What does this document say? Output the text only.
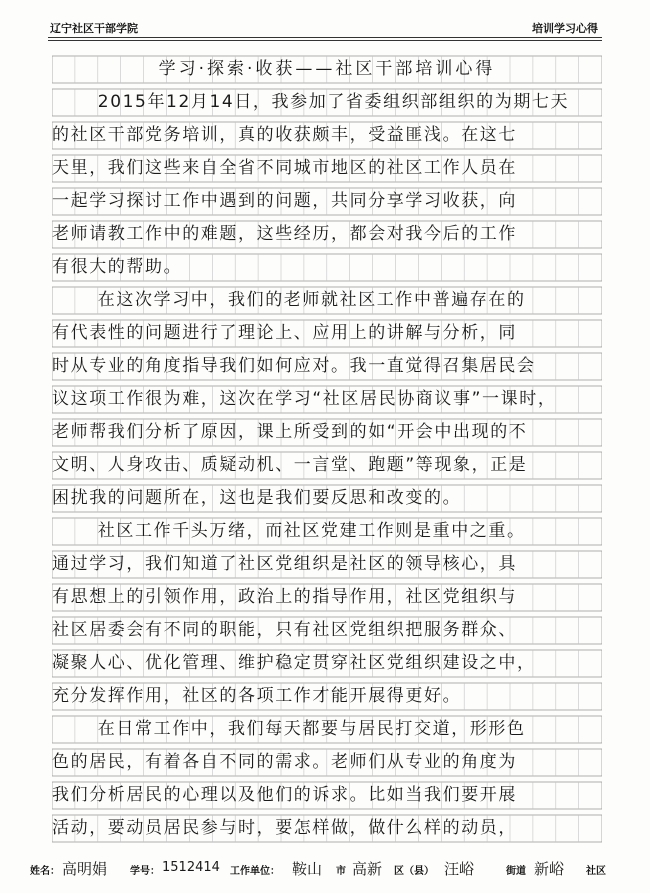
辽宁社区干部学院	培训学习心得
学习·探索·收获——社区干部培训心得
2015年12月14日，我参加了省委组织部组织的为期七天
的社区干部党务培训，真的收获颇丰，受益匪浅。在这七
天里，我们这些来自全省不同城市地区的社区工作人员在
一起学习探讨工作中遇到的问题，共同分享学习收获，向
老师请教工作中的难题，这些经历，都会对我今后的工作
有很大的帮助。
在这次学习中，我们的老师就社区工作中普遍存在的
有代表性的问题进行了理论上、应用上的讲解与分析，同
时从专业的角度指导我们如何应对。我一直觉得召集居民会
议这项工作很为难，这次在学习“社区居民协商议事”一课时，
老师帮我们分析了原因，课上所受到的如“开会中出现的不
文明、人身攻击、质疑动机、一言堂、跑题”等现象，正是
困扰我的问题所在，这也是我们要反思和改变的。
社区工作千头万绪，而社区党建工作则是重中之重。
通过学习，我们知道了社区党组织是社区的领导核心，具
有思想上的引领作用，政治上的指导作用，社区党组织与
社区居委会有不同的职能，只有社区党组织把服务群众、
凝聚人心、优化管理、维护稳定贯穿社区党组织建设之中，
充分发挥作用，社区的各项工作才能开展得更好。
在日常工作中，我们每天都要与居民打交道，形形色
色的居民，有着各自不同的需求。老师们从专业的角度为
我们分析居民的心理以及他们的诉求。比如当我们要开展
活动，要动员居民参与时，要怎样做，做什么样的动员，
姓名： 高明娟 学号： 1512414 工作单位： 鞍山 市 高新 区（县） 汪峪	街道 新峪 社区
